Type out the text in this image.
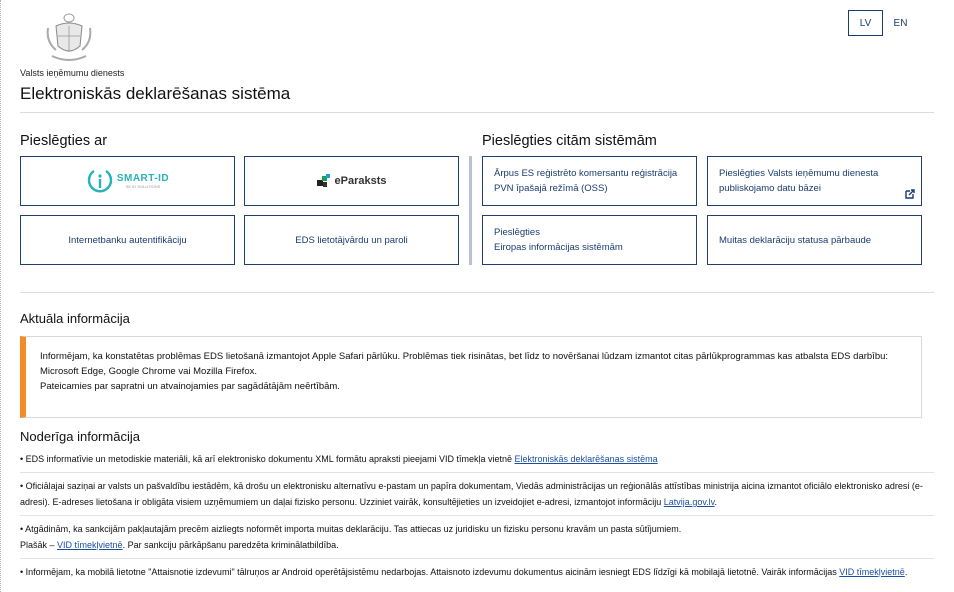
Valsts ieņēmumu dienests
Elektroniskās deklarēšanas sistēma
LV	EN
Pieslēgties ar
SMART-ID
SK ID SOLUTIONS	eParaksts
Internetbanku autentifikāciju	EDS lietotājvārdu un paroli
Pieslēgties citām sistēmām
Ārpus ES reģistrēto komersantu reģistrācija PVN īpašajā režīmā (OSS)
Pieslēgties Valsts ieņēmumu dienesta
publiskojamo datu bāzei
Pieslēgties
Eiropas informācijas sistēmām
Muitas deklarāciju statusa pārbaude
Aktuāla informācija

Informējam, ka konstatētas problēmas EDS lietošanā izmantojot Apple Safari pārlūku. Problēmas tiek risinātas, bet līdz to novēršanai lūdzam izmantot citas pārlūkprogrammas kas atbalsta EDS darbību: Microsoft Edge, Google Chrome vai Mozilla Firefox.

Pateicamies par sapratni un atvainojamies par sagādātājām neērtībām.

Noderīga informācija
• EDS informatīvie un metodiskie materiāli, kā arī elektronisko dokumentu XML formātu apraksti pieejami VID tīmekļa vietnē Elektroniskās deklarēšanas sistēma
• Oficiālajai saziņai ar valsts un pašvaldību iestādēm, kā drošu un elektronisku alternatīvu e-pastam un papīra dokumentam, Viedās administrācijas un reģionālās attīstības ministrija aicina izmantot oficiālo elektronisko adresi (e-adresi). E-adreses lietošana ir obligāta visiem uzņēmumiem un daļai fizisko personu. Uzziniet vairāk, konsultējieties un izveidojiet e-adresi, izmantojot informāciju Latvija.gov.lv.
• Atgādinām, ka sankcijām pakļautajām precēm aizliegts noformēt importa muitas deklarāciju. Tas attiecas uz juridisku un fizisku personu kravām un pasta sūtījumiem.
Plašāk – VID tīmekļvietnē. Par sankciju pārkāpšanu paredzēta kriminālatbildība.
• Informējam, ka mobilā lietotne "Attaisnotie izdevumi" tālruņos ar Android operētājsistēmu nedarbojas. Attaisnoto izdevumu dokumentus aicinām iesniegt EDS līdzīgi kā mobilajā lietotnē. Vairāk informācijas VID tīmekļvietnē.
